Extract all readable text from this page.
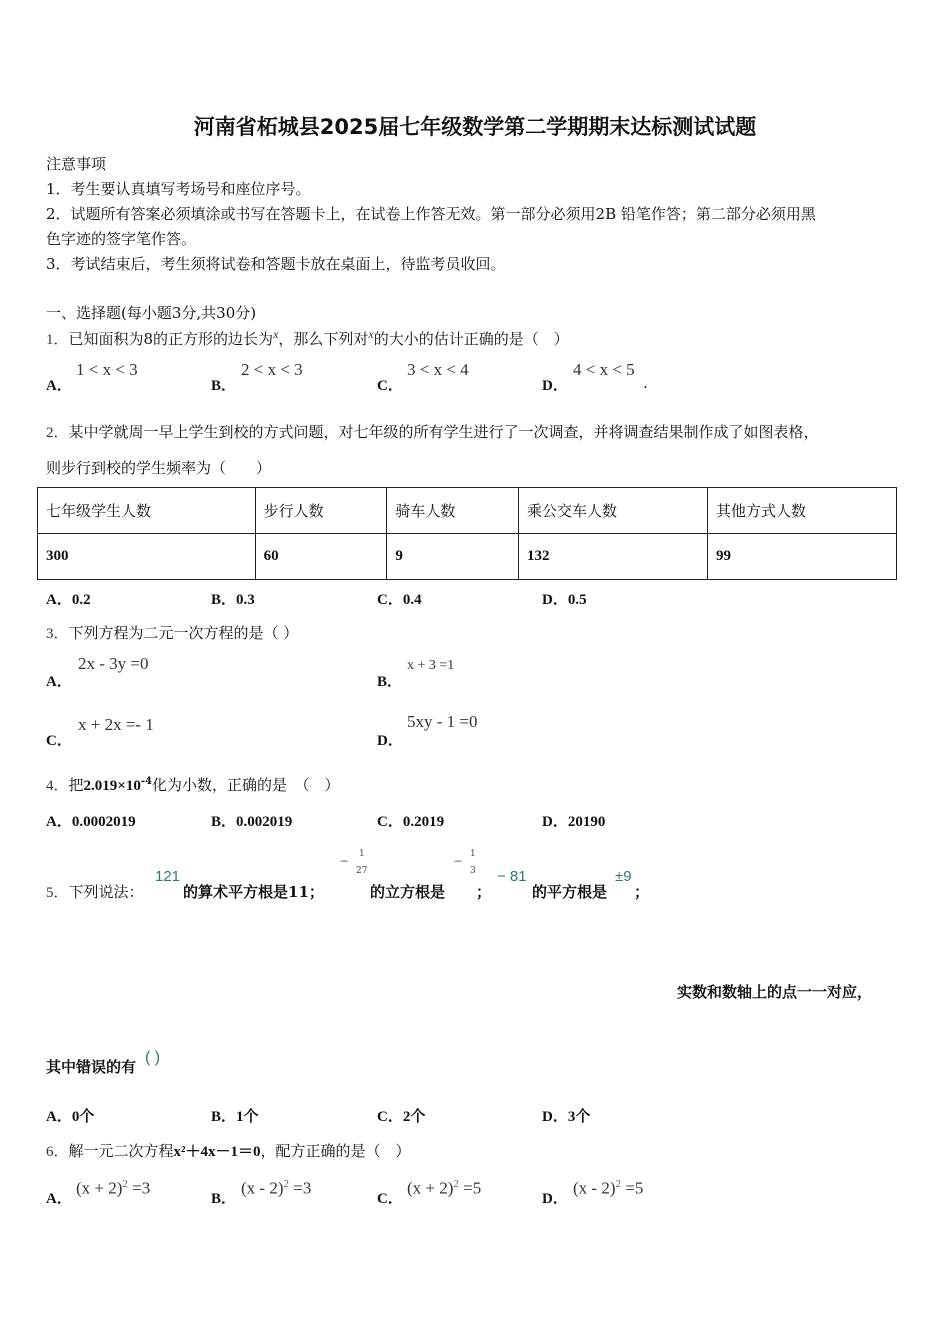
河南省柘城县2025届七年级数学第二学期期末达标测试试题
注意事项
1．考生要认真填写考场号和座位序号。
2．试题所有答案必须填涂或书写在答题卡上，在试卷上作答无效。第一部分必须用2B 铅笔作答；第二部分必须用黑
色字迹的签字笔作答。
3．考试结束后，考生须将试卷和答题卡放在桌面上，待监考员收回。
一、选择题(每小题3分,共30分)
1．已知面积为8的正方形的边长为$^x$，那么下列对$^x$的大小的估计正确的是（　）
A．
1 < x < 3
B．
2 < x < 3
C．
3 < x < 4
D．
4 < x < 5
.
2．某中学就周一早上学生到校的方式问题，对七年级的所有学生进行了一次调查，并将调查结果制作成了如图表格，
则步行到校的学生频率为（　　）
七年级学生人数	步行人数	骑车人数	乘公交车人数	其他方式人数
300	60	9	132	99
A．0.2	B．0.3	C．0.4	D．0.5
3．下列方程为二元一次方程的是（ ）
A．
2x - 3y =0
B．
x + 3 =1
C．
x + 2x =- 1
D．
5xy - 1 =0
4．把$2.019\times 10^{-4}$化为小数，正确的是　（　）
A．0.0002019	B．0.002019	C．0.2019	D．20190
5．下列说法：
121
的算术平方根是11；
− 1
27
的立方根是
− 1
3
；
− 81
的平方根是
±9
；
实数和数轴上的点一一对应，
其中错误的有
( )
A．0个	B．1个	C．2个	D．3个
6．解一元二次方程x²＋4x－1＝0，配方正确的是（　）
A．
$(x + 2)^2 =3$
B．
(x - 2)$^2$ =3
C．
$(x + 2)^2 =5$
D．
(x - 2)$^2$ =5
